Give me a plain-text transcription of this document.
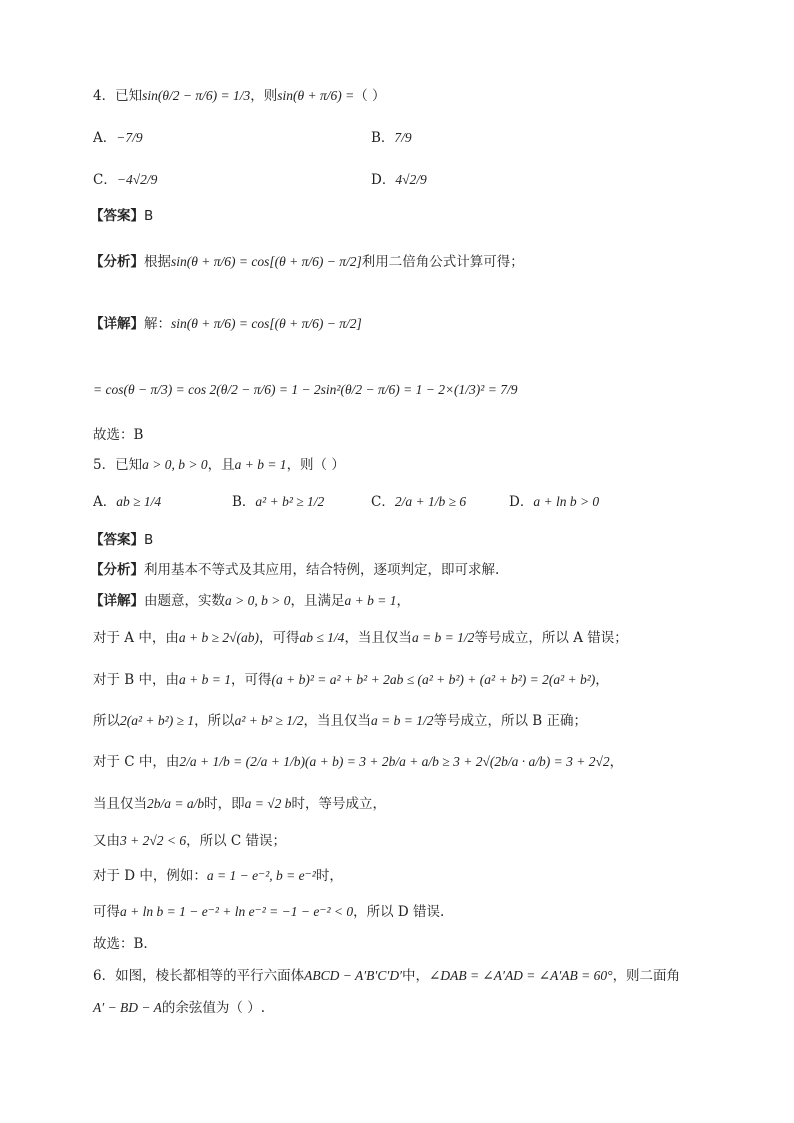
4．已知sin(θ/2 − π/6) = 1/3，则sin(θ + π/6) =（ ）
A．−7/9	B．7/9
C．−4√2/9	D．4√2/9
【答案】B
【分析】根据sin(θ + π/6) = cos[(θ + π/6) − π/2]利用二倍角公式计算可得；
【详解】解：sin(θ + π/6) = cos[(θ + π/6) − π/2]
= cos(θ − π/3) = cos 2(θ/2 − π/6) = 1 − 2sin²(θ/2 − π/6) = 1 − 2×(1/3)² = 7/9
故选：B
5．已知a > 0, b > 0，且a + b = 1，则（ ）
A．ab ≥ 1/4	B．a² + b² ≥ 1/2	C．2/a + 1/b ≥ 6	D．a + ln b > 0
【答案】B
【分析】利用基本不等式及其应用，结合特例，逐项判定，即可求解.
【详解】由题意，实数a > 0, b > 0，且满足a + b = 1，
对于 A 中，由a + b ≥ 2√(ab)，可得ab ≤ 1/4，当且仅当a = b = 1/2等号成立，所以 A 错误；
对于 B 中，由a + b = 1，可得(a + b)² = a² + b² + 2ab ≤ (a² + b²) + (a² + b²) = 2(a² + b²)，
所以2(a² + b²) ≥ 1，所以a² + b² ≥ 1/2，当且仅当a = b = 1/2等号成立，所以 B 正确；
对于 C 中，由2/a + 1/b = (2/a + 1/b)(a + b) = 3 + 2b/a + a/b ≥ 3 + 2√(2b/a · a/b) = 3 + 2√2，
当且仅当2b/a = a/b时，即a = √2 b时，等号成立，
又由3 + 2√2 < 6，所以 C 错误；
对于 D 中，例如：a = 1 − e⁻², b = e⁻²时，
可得a + ln b = 1 − e⁻² + ln e⁻² = −1 − e⁻² < 0，所以 D 错误.
故选：B.
6．如图，棱长都相等的平行六面体ABCD − A′B′C′D′中，∠DAB = ∠A′AD = ∠A′AB = 60°，则二面角
A′ − BD − A的余弦值为（ ）.
